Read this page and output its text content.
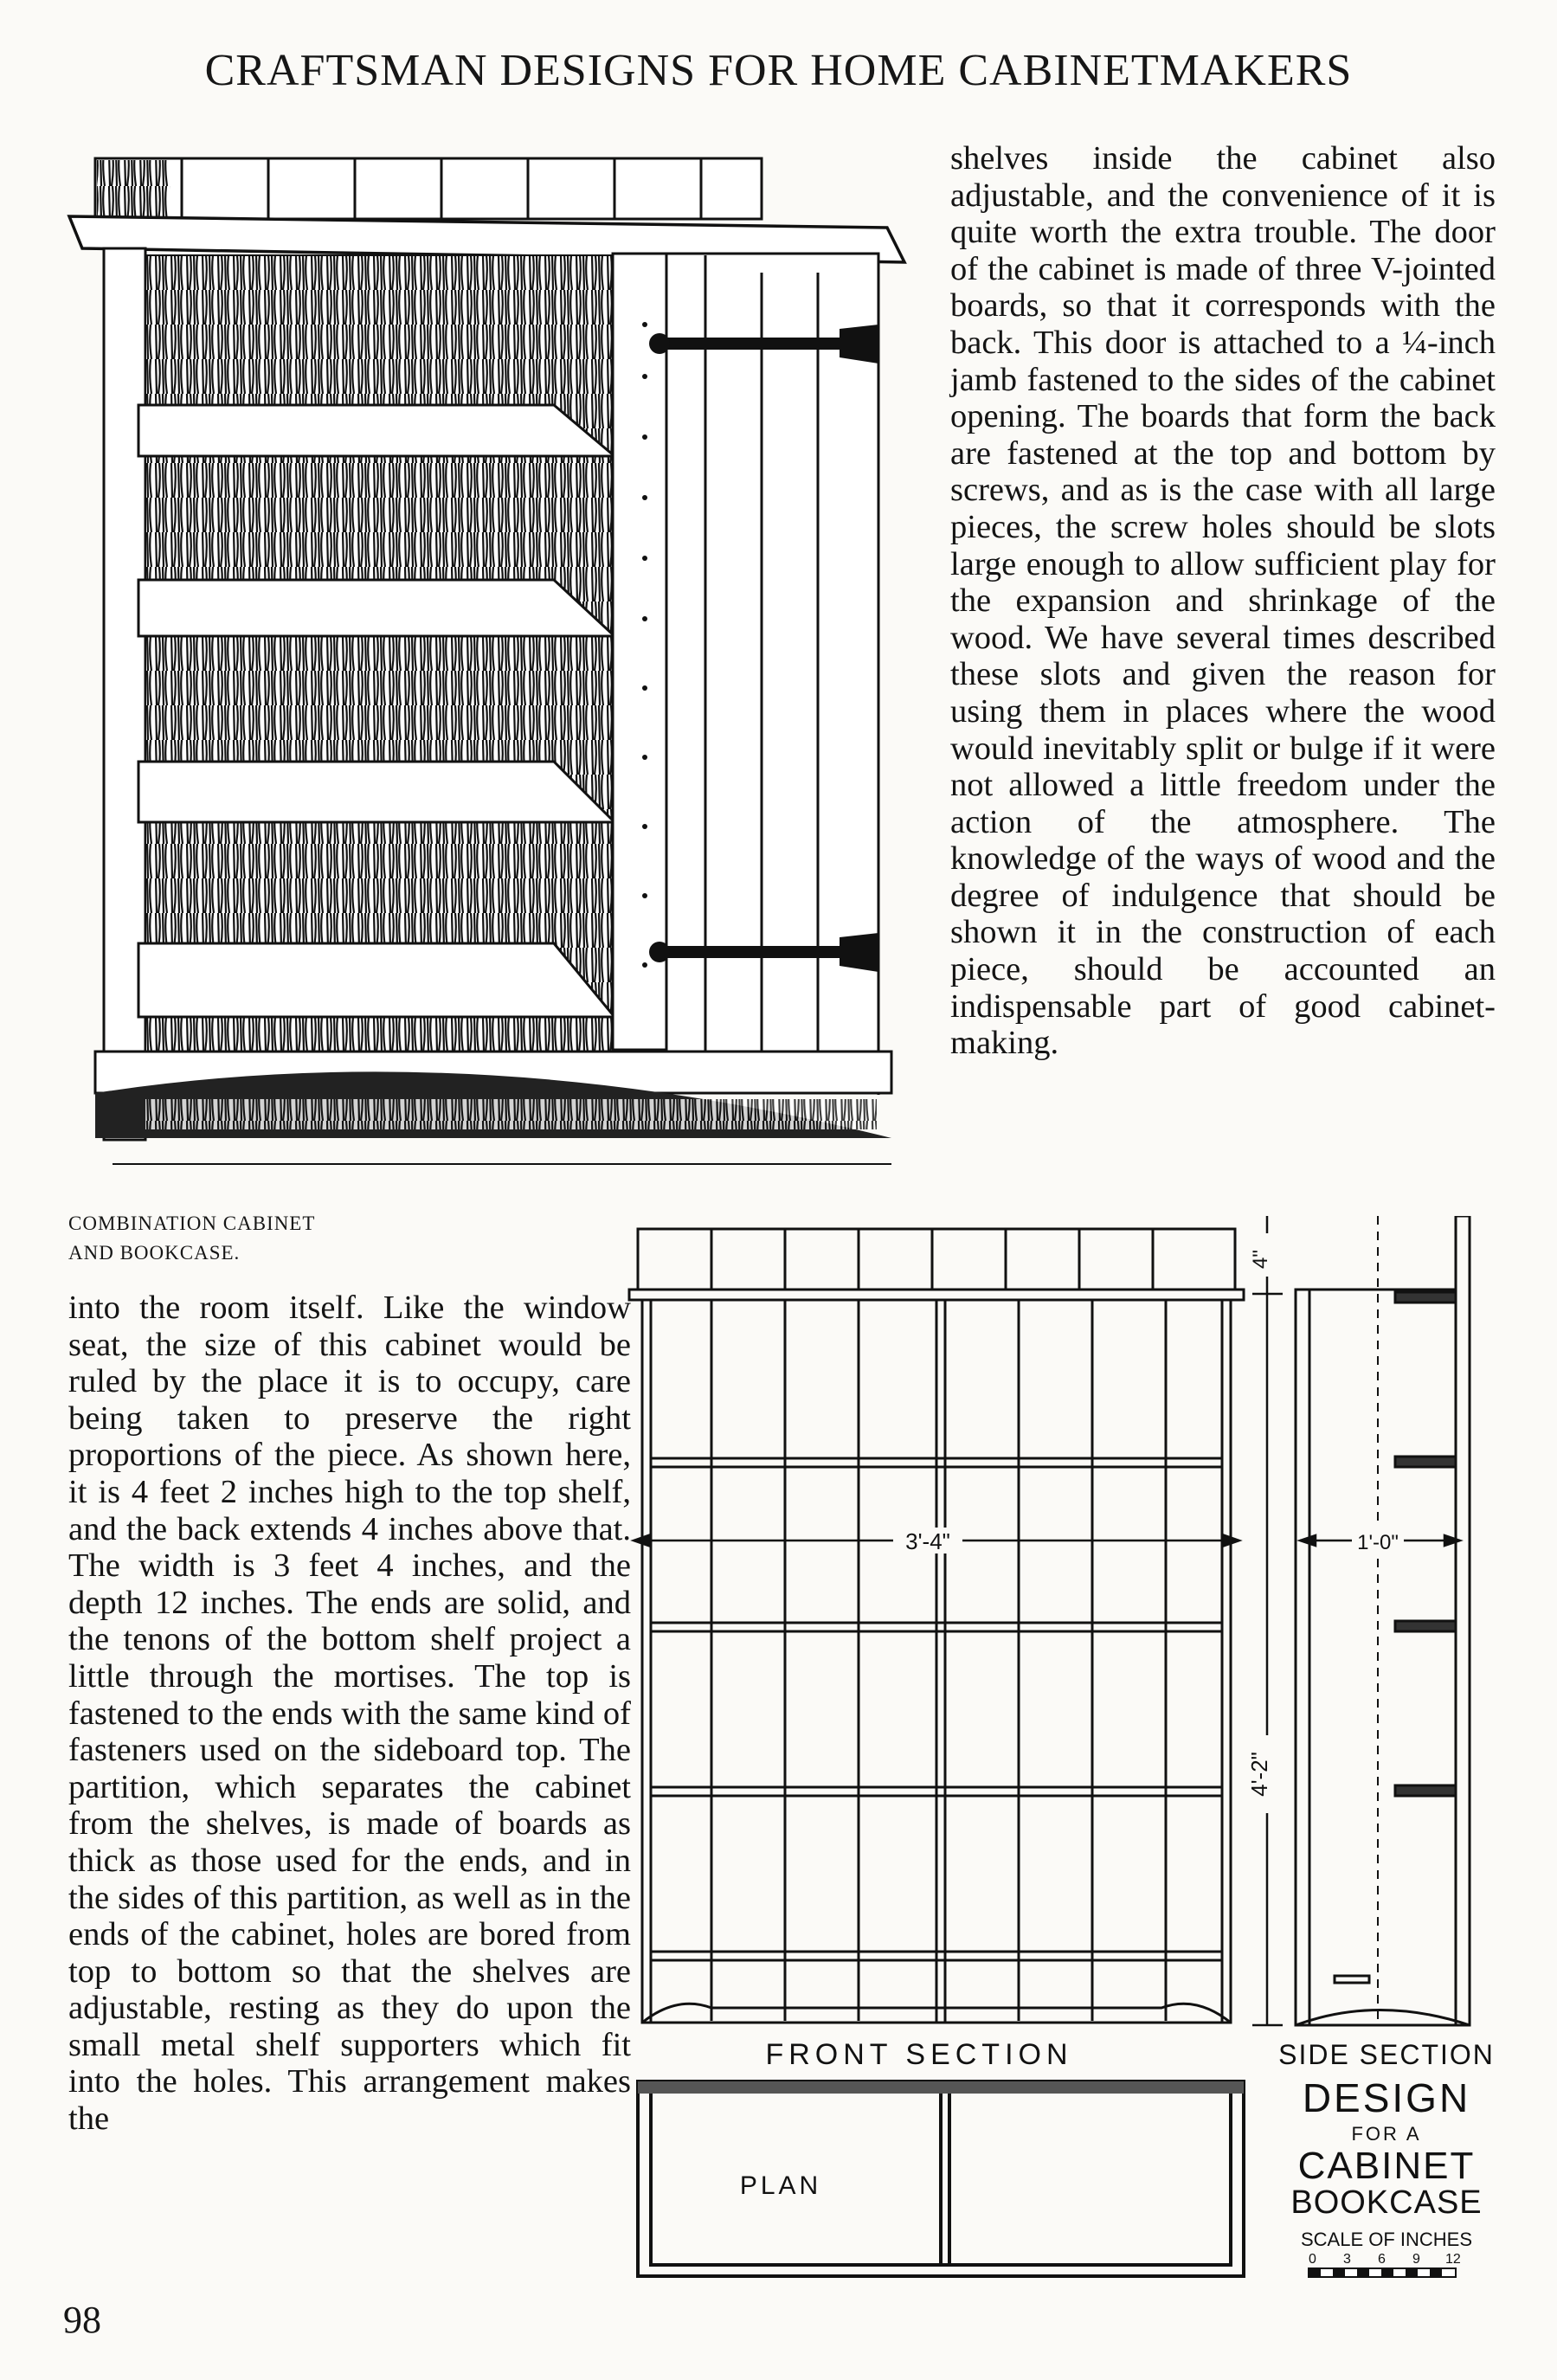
CRAFTSMAN DESIGNS FOR HOME CABINETMAKERS

shelves inside the cabinet also adjustable, and the convenience of it is quite worth the extra trouble. The door of the cabinet is made of three V-jointed boards, so that it corresponds with the back. This door is attached to a ¼-inch jamb fastened to the sides of the cabinet opening. The boards that form the back are fastened at the top and bottom by screws, and as is the case with all large pieces, the screw holes should be slots large enough to allow sufficient play for the expansion and shrinkage of the wood. We have several times described these slots and given the reason for using them in places where the wood would inevitably split or bulge if it were not allowed a little freedom under the action of the atmosphere. The knowledge of the ways of wood and the degree of indulgence that should be shown it in the construction of each piece, should be accounted an indispensable part of good cabinet-making.

COMBINATION CABINET AND BOOKCASE.

into the room itself. Like the window seat, the size of this cabinet would be ruled by the place it is to occupy, care being taken to preserve the right proportions of the piece. As shown here, it is 4 feet 2 inches high to the top shelf, and the back extends 4 inches above that. The width is 3 feet 4 inches, and the depth 12 inches. The ends are solid, and the tenons of the bottom shelf project a little through the mortises. The top is fastened to the ends with the same kind of fasteners used on the sideboard top. The partition, which separates the cabinet from the shelves, is made of boards as thick as those used for the ends, and in the sides of this partition, as well as in the ends of the cabinet, holes are bored from top to bottom so that the shelves are adjustable, resting as they do upon the small metal shelf supporters which fit into the holes. This arrangement makes the

3'-4"
4'-2"
4"
1'-0"
FRONT SECTION	SIDE SECTION
PLAN
DESIGN
FOR A
CABINET
BOOKCASE
SCALE OF INCHES
0 3 6 9 12
98
